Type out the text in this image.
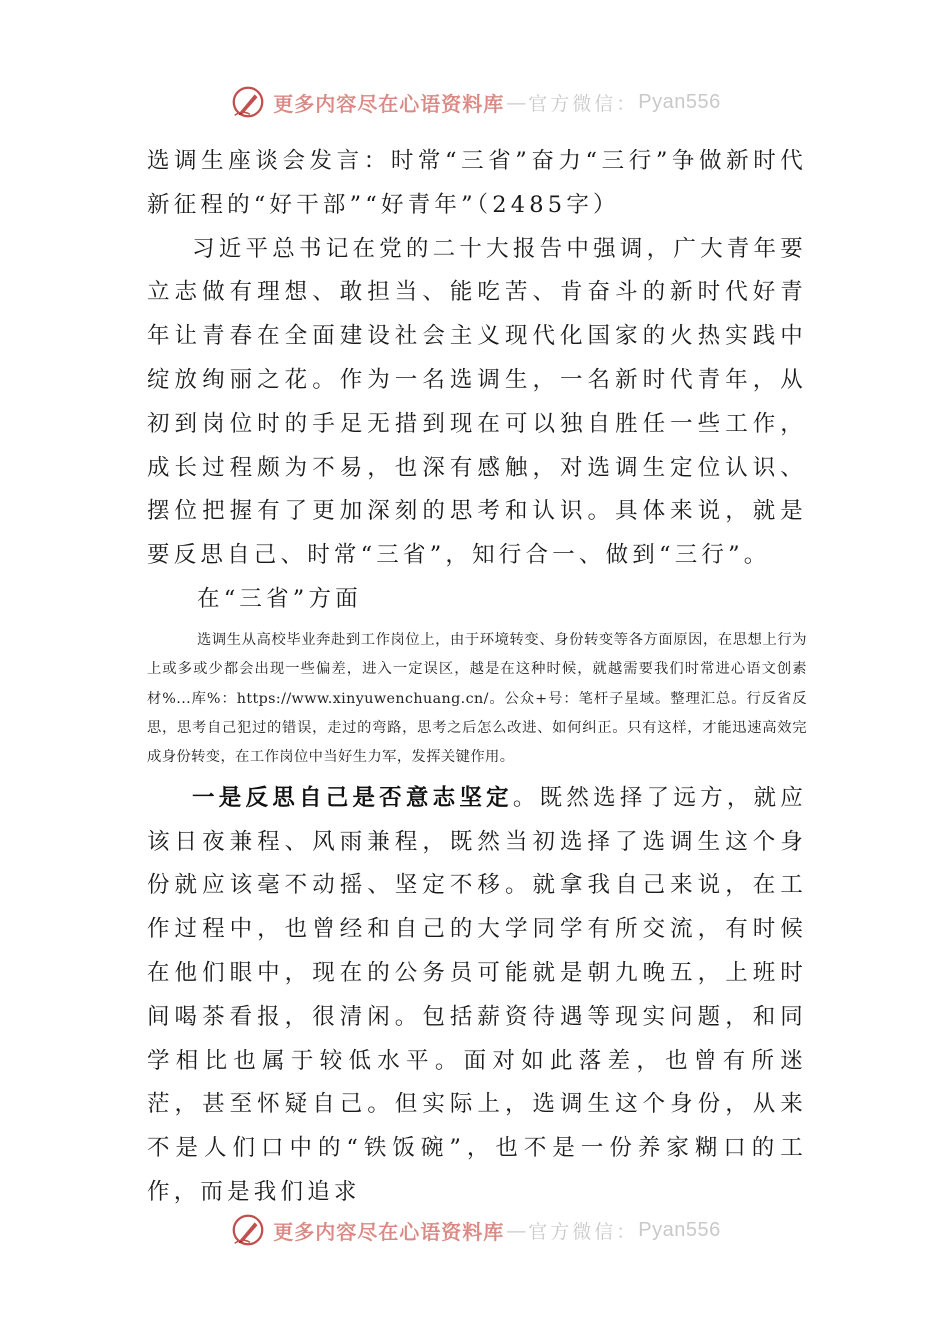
更多内容尽在心语资料库 — 官方微信： Pyan556

选调生座谈会发言：时常“三省”奋力“三行”争做新时代新征程的“好干部”“好青年”（2485字）

习近平总书记在党的二十大报告中强调，广大青年要立志做有理想、敢担当、能吃苦、肯奋斗的新时代好青年让青春在全面建设社会主义现代化国家的火热实践中绽放绚丽之花。作为一名选调生，一名新时代青年，从初到岗位时的手足无措到现在可以独自胜任一些工作，成长过程颇为不易，也深有感触，对选调生定位认识、摆位把握有了更加深刻的思考和认识。具体来说，就是要反思自己、时常“三省”，知行合一、做到“三行”。

在“三省”方面

选调生从高校毕业奔赴到工作岗位上，由于环境转变、身份转变等各方面原因，在思想上行为上或多或少都会出现一些偏差，进入一定误区，越是在这种时候，就越需要我们时常进心语文创素材%...库%：https://www.xinyuwenchuang.cn/。公众+号：笔杆子星域。整理汇总。行反省反思，思考自己犯过的错误，走过的弯路，思考之后怎么改进、如何纠正。只有这样，才能迅速高效完成身份转变，在工作岗位中当好生力军，发挥关键作用。

一是反思自己是否意志坚定。既然选择了远方，就应该日夜兼程、风雨兼程，既然当初选择了选调生这个身份就应该毫不动摇、坚定不移。就拿我自己来说，在工作过程中，也曾经和自己的大学同学有所交流，有时候在他们眼中，现在的公务员可能就是朝九晚五，上班时间喝茶看报，很清闲。包括薪资待遇等现实问题，和同学相比也属于较低水平。面对如此落差，也曾有所迷茫，甚至怀疑自己。但实际上，选调生这个身份，从来不是人们口中的“铁饭碗”，也不是一份养家糊口的工作，而是我们追求

更多内容尽在心语资料库 — 官方微信： Pyan556
